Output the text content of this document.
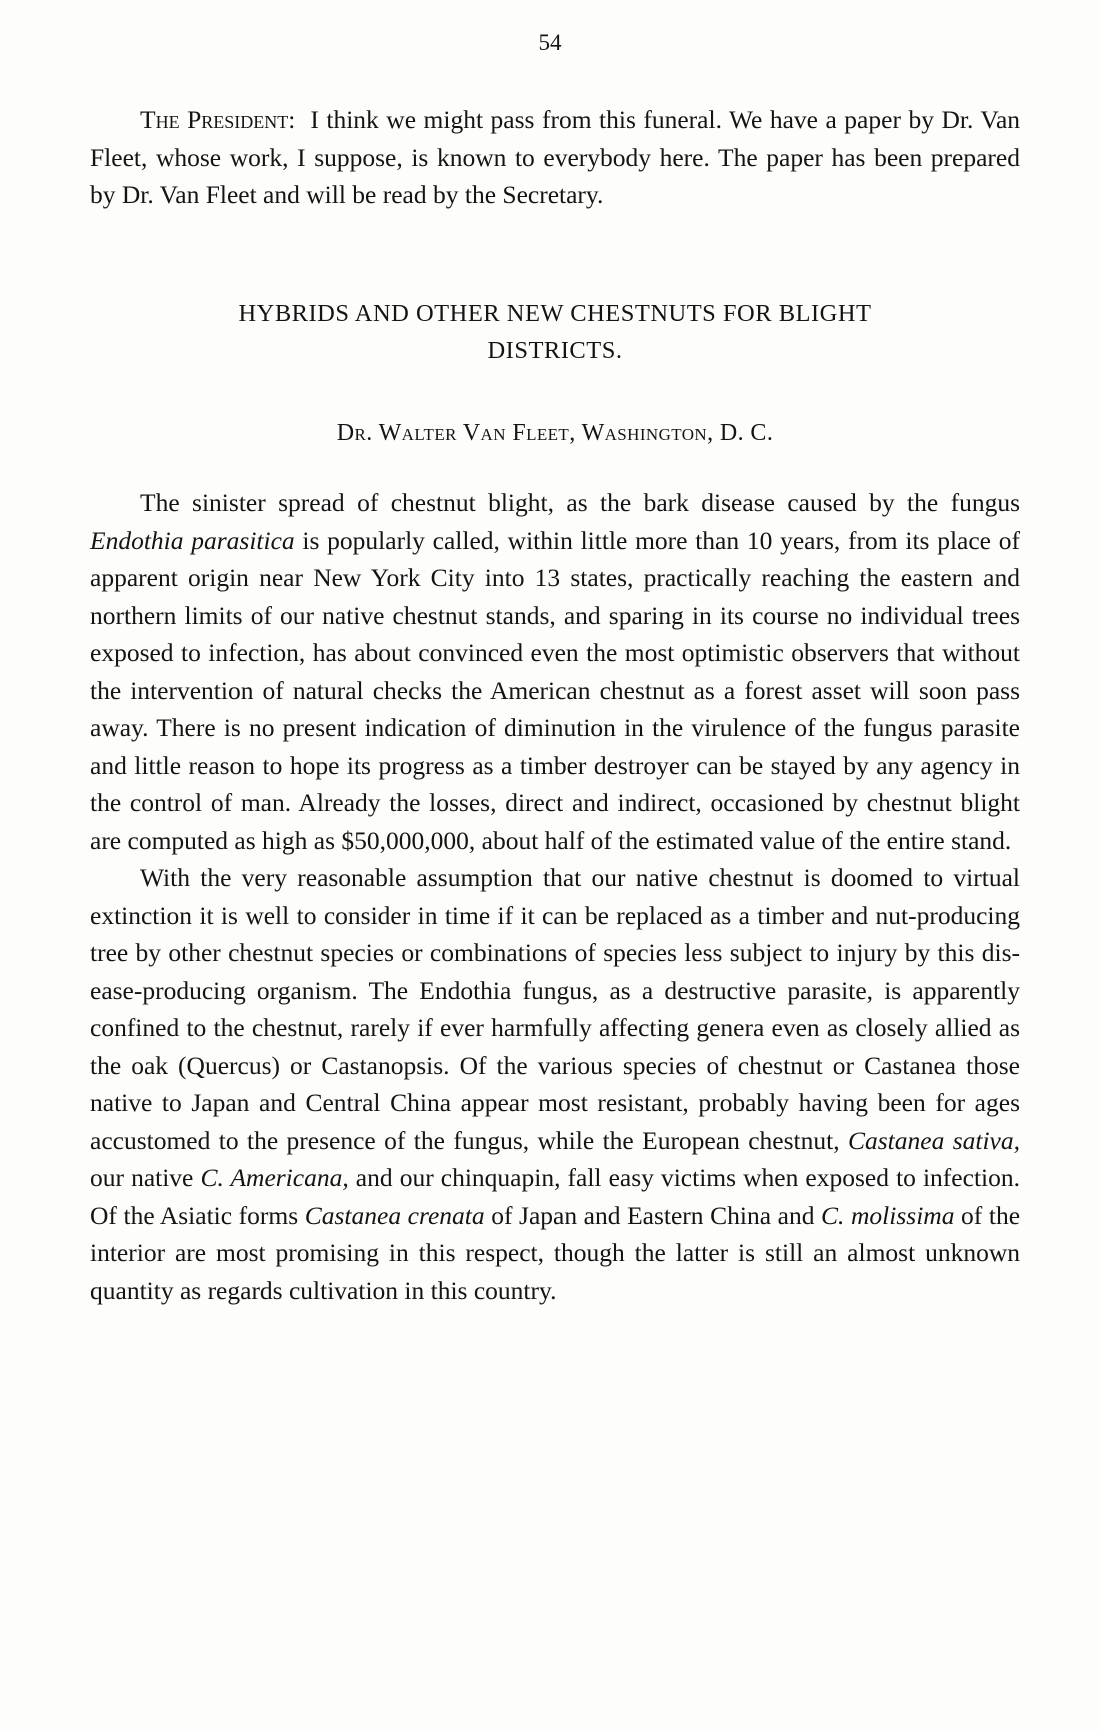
54

The President: I think we might pass from this funeral. We have a paper by Dr. Van Fleet, whose work, I suppose, is known to everybody here. The paper has been prepared by Dr. Van Fleet and will be read by the Secretary.

HYBRIDS AND OTHER NEW CHESTNUTS FOR BLIGHT
DISTRICTS.
Dr. Walter Van Fleet, Washington, D. C.

The sinister spread of chestnut blight, as the bark disease caused by the fungus Endothia parasitica is popularly called, within little more than 10 years, from its place of apparent origin near New York City into 13 states, practically reaching the eastern and northern limits of our native chestnut stands, and sparing in its course no individual trees exposed to infection, has about convinced even the most optimistic observers that without the intervention of natural checks the American chestnut as a forest asset will soon pass away. There is no present indication of diminution in the virulence of the fungus parasite and little reason to hope its progress as a timber destroyer can be stayed by any agency in the control of man. Already the losses, direct and indirect, occasioned by chestnut blight are computed as high as $50,000,000, about half of the estimated value of the entire stand.

With the very reasonable assumption that our native chestnut is doomed to virtual extinction it is well to consider in time if it can be replaced as a timber and nut-producing tree by other chestnut species or combinations of species less subject to injury by this disease-producing organism. The Endothia fungus, as a destructive parasite, is apparently confined to the chestnut, rarely if ever harmfully affecting genera even as closely allied as the oak (Quercus) or Castanopsis. Of the various species of chestnut or Castanea those native to Japan and Central China appear most resistant, probably having been for ages accustomed to the presence of the fungus, while the European chestnut, Castanea sativa, our native C. Americana, and our chinquapin, fall easy victims when exposed to infection. Of the Asiatic forms Castanea crenata of Japan and Eastern China and C. molissima of the interior are most promising in this respect, though the latter is still an almost unknown quantity as regards cultivation in this country.
